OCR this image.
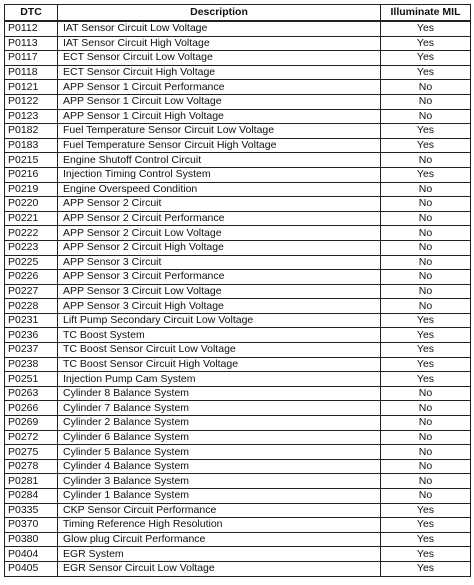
DTC	Description	Illuminate MIL
P0112	IAT Sensor Circuit Low Voltage	Yes
P0113	IAT Sensor Circuit High Voltage	Yes
P0117	ECT Sensor Circuit Low Voltage	Yes
P0118	ECT Sensor Circuit High Voltage	Yes
P0121	APP Sensor 1 Circuit Performance	No
P0122	APP Sensor 1 Circuit Low Voltage	No
P0123	APP Sensor 1 Circuit High Voltage	No
P0182	Fuel Temperature Sensor Circuit Low Voltage	Yes
P0183	Fuel Temperature Sensor Circuit High Voltage	Yes
P0215	Engine Shutoff Control Circuit	No
P0216	Injection Timing Control System	Yes
P0219	Engine Overspeed Condition	No
P0220	APP Sensor 2 Circuit	No
P0221	APP Sensor 2 Circuit Performance	No
P0222	APP Sensor 2 Circuit Low Voltage	No
P0223	APP Sensor 2 Circuit High Voltage	No
P0225	APP Sensor 3 Circuit	No
P0226	APP Sensor 3 Circuit Performance	No
P0227	APP Sensor 3 Circuit Low Voltage	No
P0228	APP Sensor 3 Circuit High Voltage	No
P0231	Lift Pump Secondary Circuit Low Voltage	Yes
P0236	TC Boost System	Yes
P0237	TC Boost Sensor Circuit Low Voltage	Yes
P0238	TC Boost Sensor Circuit High Voltage	Yes
P0251	Injection Pump Cam System	Yes
P0263	Cylinder 8 Balance System	No
P0266	Cylinder 7 Balance System	No
P0269	Cylinder 2 Balance System	No
P0272	Cylinder 6 Balance System	No
P0275	Cylinder 5 Balance System	No
P0278	Cylinder 4 Balance System	No
P0281	Cylinder 3 Balance System	No
P0284	Cylinder 1 Balance System	No
P0335	CKP Sensor Circuit Performance	Yes
P0370	Timing Reference High Resolution	Yes
P0380	Glow plug Circuit Performance	Yes
P0404	EGR System	Yes
P0405	EGR Sensor Circuit Low Voltage	Yes
